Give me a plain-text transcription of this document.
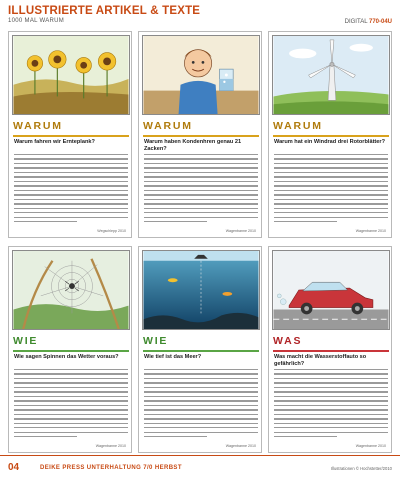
ILLUSTRIERTE ARTIKEL & TEXTE
1000 MAL WARUM	DIGITAL 770-04U
WARUM
Warum fahren wir Ernteplank?
Wegschlepp 2010
WARUM
Warum haben Kondenhren genau 21 Zacken?
Wagenbanne 2010
WARUM
Warum hat ein Windrad drei Rotorblätter?
Wagenbanne 2010
WIE
Wie sagen Spinnen das Wetter voraus?
Wagenbanne 2010
WIE
Wie tief ist das Meer?
Wagenbanne 2010
WAS
Was macht die Wasserstoffauto so gefährlich?
Wagenbanne 2010
04	DEIKE PRESS UNTERHALTUNG 7/0 HERBST	Illustrationen © Hochstetter/2010
